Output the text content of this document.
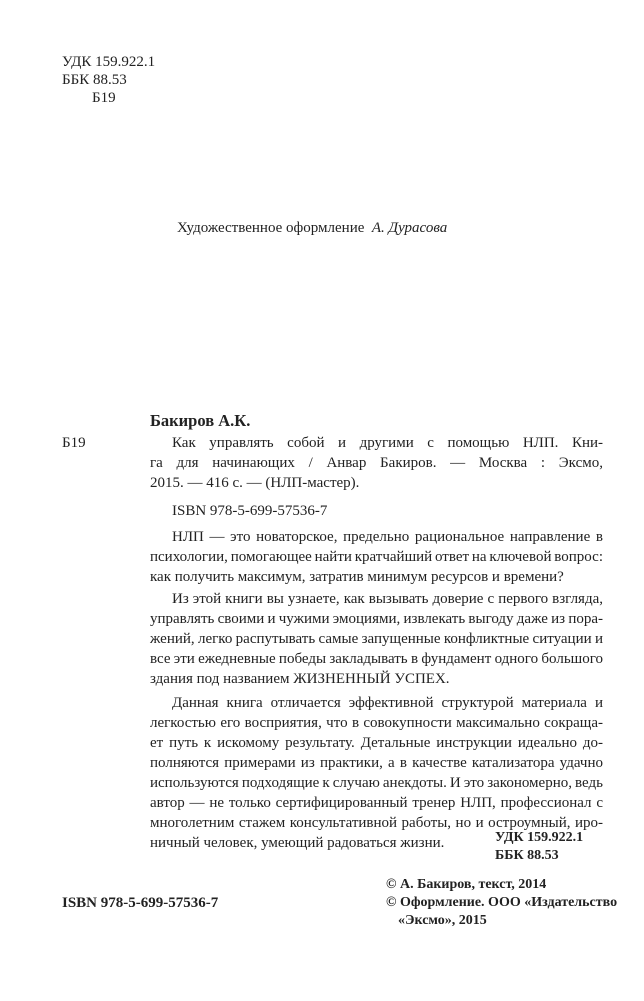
УДК 159.922.1
ББК 88.53
Б19
Художественное оформление А. Дурасова
Бакиров А.К.
Б19	Как управлять собой и другими с помощью НЛП. Кни-
га для начинающих / Анвар Бакиров. — Москва : Эксмо,
2015. — 416 с. — (НЛП-мастер).
ISBN 978-5-699-57536-7
НЛП — это новаторское, предельно рациональное направление в
психологии, помогающее найти кратчайший ответ на ключевой вопрос:
как получить максимум, затратив минимум ресурсов и времени?
Из этой книги вы узнаете, как вызывать доверие с первого взгляда,
управлять своими и чужими эмоциями, извлекать выгоду даже из пора-
жений, легко распутывать самые запущенные конфликтные ситуации и
все эти ежедневные победы закладывать в фундамент одного большого
здания под названием ЖИЗНЕННЫЙ УСПЕХ.
Данная книга отличается эффективной структурой материала и
легкостью его восприятия, что в совокупности максимально сокраща-
ет путь к искомому результату. Детальные инструкции идеально до-
полняются примерами из практики, а в качестве катализатора удачно
используются подходящие к случаю анекдоты. И это закономерно, ведь
автор — не только сертифицированный тренер НЛП, профессионал с
многолетним стажем консультативной работы, но и остроумный, иро-
ничный человек, умеющий радоваться жизни.	УДК 159.922.1
ББК 88.53
ISBN 978-5-699-57536-7
© А. Бакиров, текст, 2014
© Оформление. ООО «Издательство
«Эксмо», 2015
